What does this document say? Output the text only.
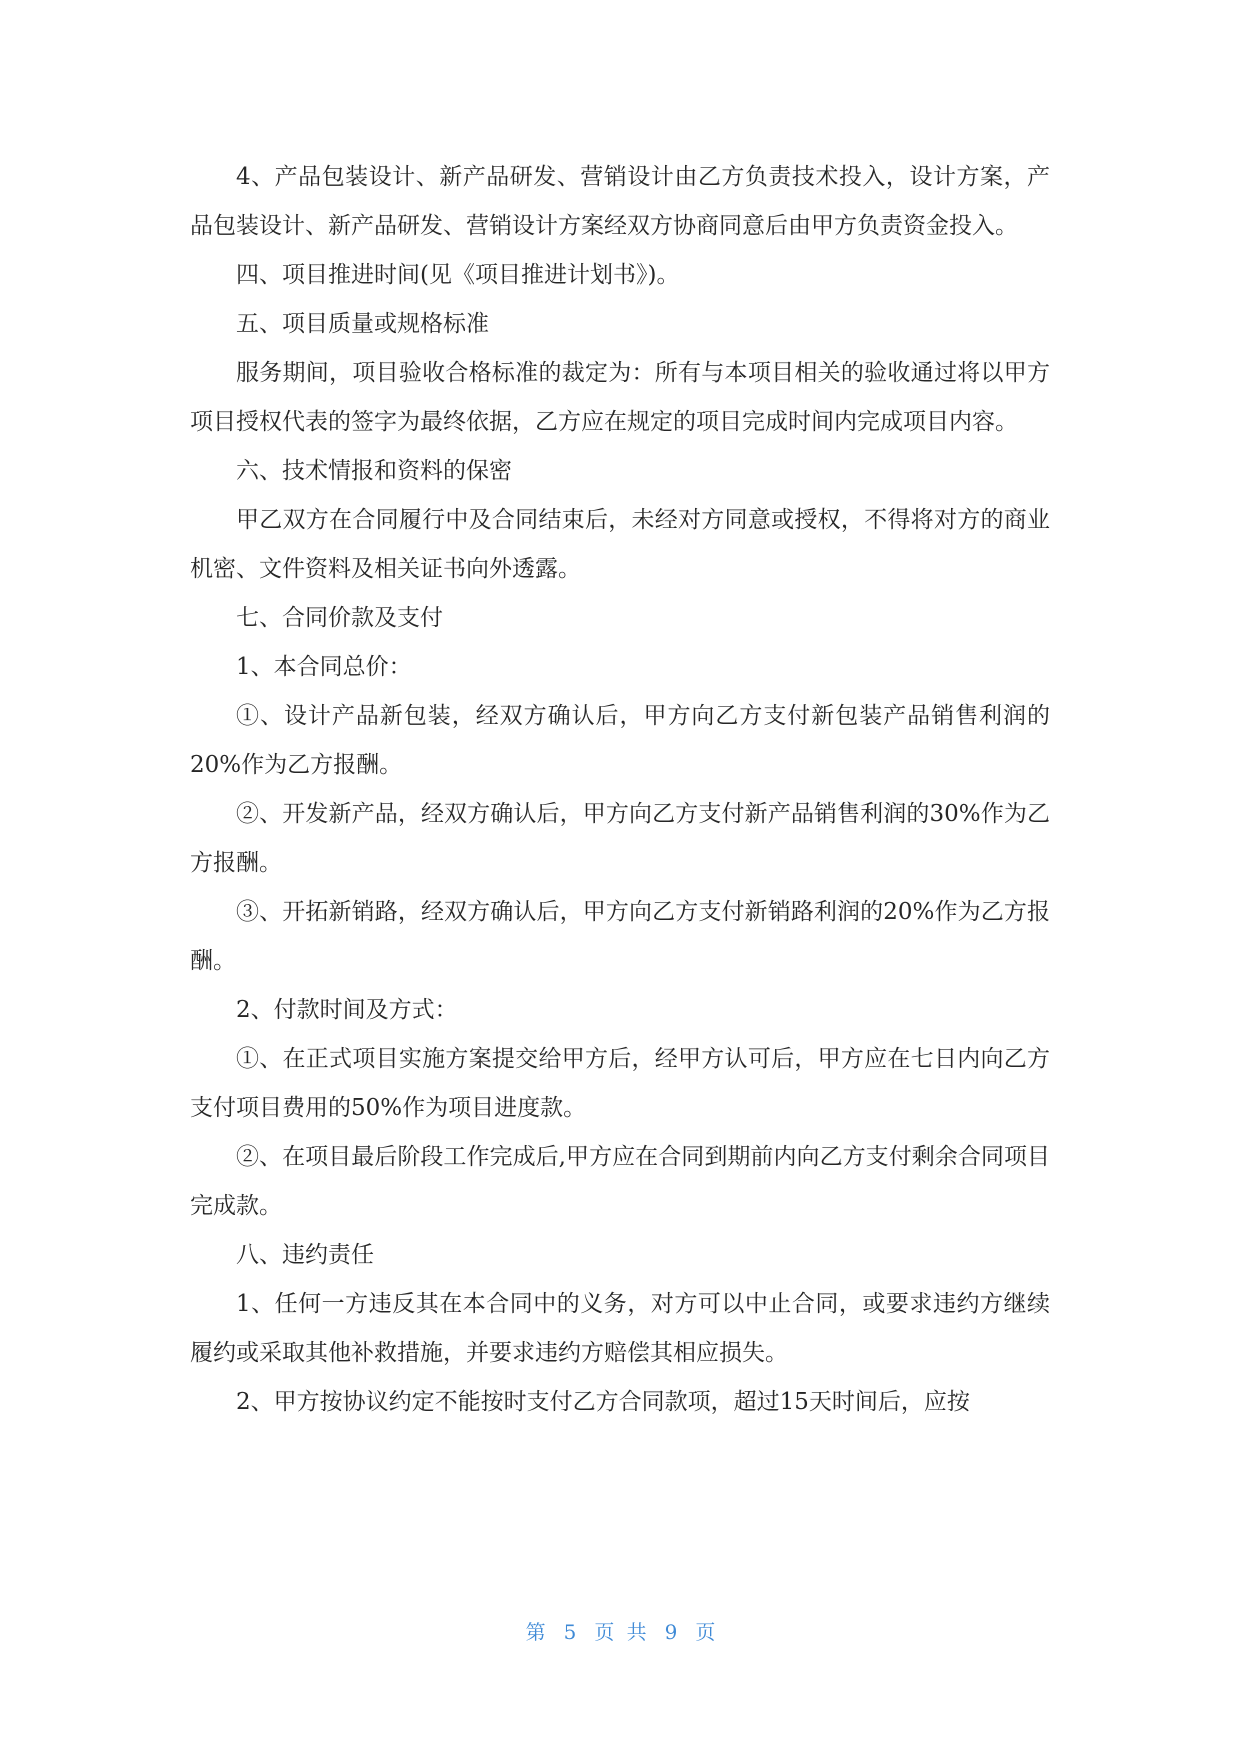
4、产品包装设计、新产品研发、营销设计由乙方负责技术投入，设计方案，产品包装设计、新产品研发、营销设计方案经双方协商同意后由甲方负责资金投入。

四、项目推进时间(见《项目推进计划书》)。

五、项目质量或规格标准

服务期间，项目验收合格标准的裁定为：所有与本项目相关的验收通过将以甲方项目授权代表的签字为最终依据，乙方应在规定的项目完成时间内完成项目内容。

六、技术情报和资料的保密

甲乙双方在合同履行中及合同结束后，未经对方同意或授权，不得将对方的商业机密、文件资料及相关证书向外透露。

七、合同价款及支付

1、本合同总价：

①、设计产品新包装，经双方确认后，甲方向乙方支付新包装产品销售利润的20%作为乙方报酬。

②、开发新产品，经双方确认后，甲方向乙方支付新产品销售利润的30%作为乙方报酬。

③、开拓新销路，经双方确认后，甲方向乙方支付新销路利润的20%作为乙方报酬。

2、付款时间及方式：

①、在正式项目实施方案提交给甲方后，经甲方认可后，甲方应在七日内向乙方支付项目费用的50%作为项目进度款。

②、在项目最后阶段工作完成后,甲方应在合同到期前内向乙方支付剩余合同项目完成款。

八、违约责任

1、任何一方违反其在本合同中的义务，对方可以中止合同，或要求违约方继续履约或采取其他补救措施，并要求违约方赔偿其相应损失。

2、甲方按协议约定不能按时支付乙方合同款项，超过15天时间后，应按

第 5 页 共 9 页
